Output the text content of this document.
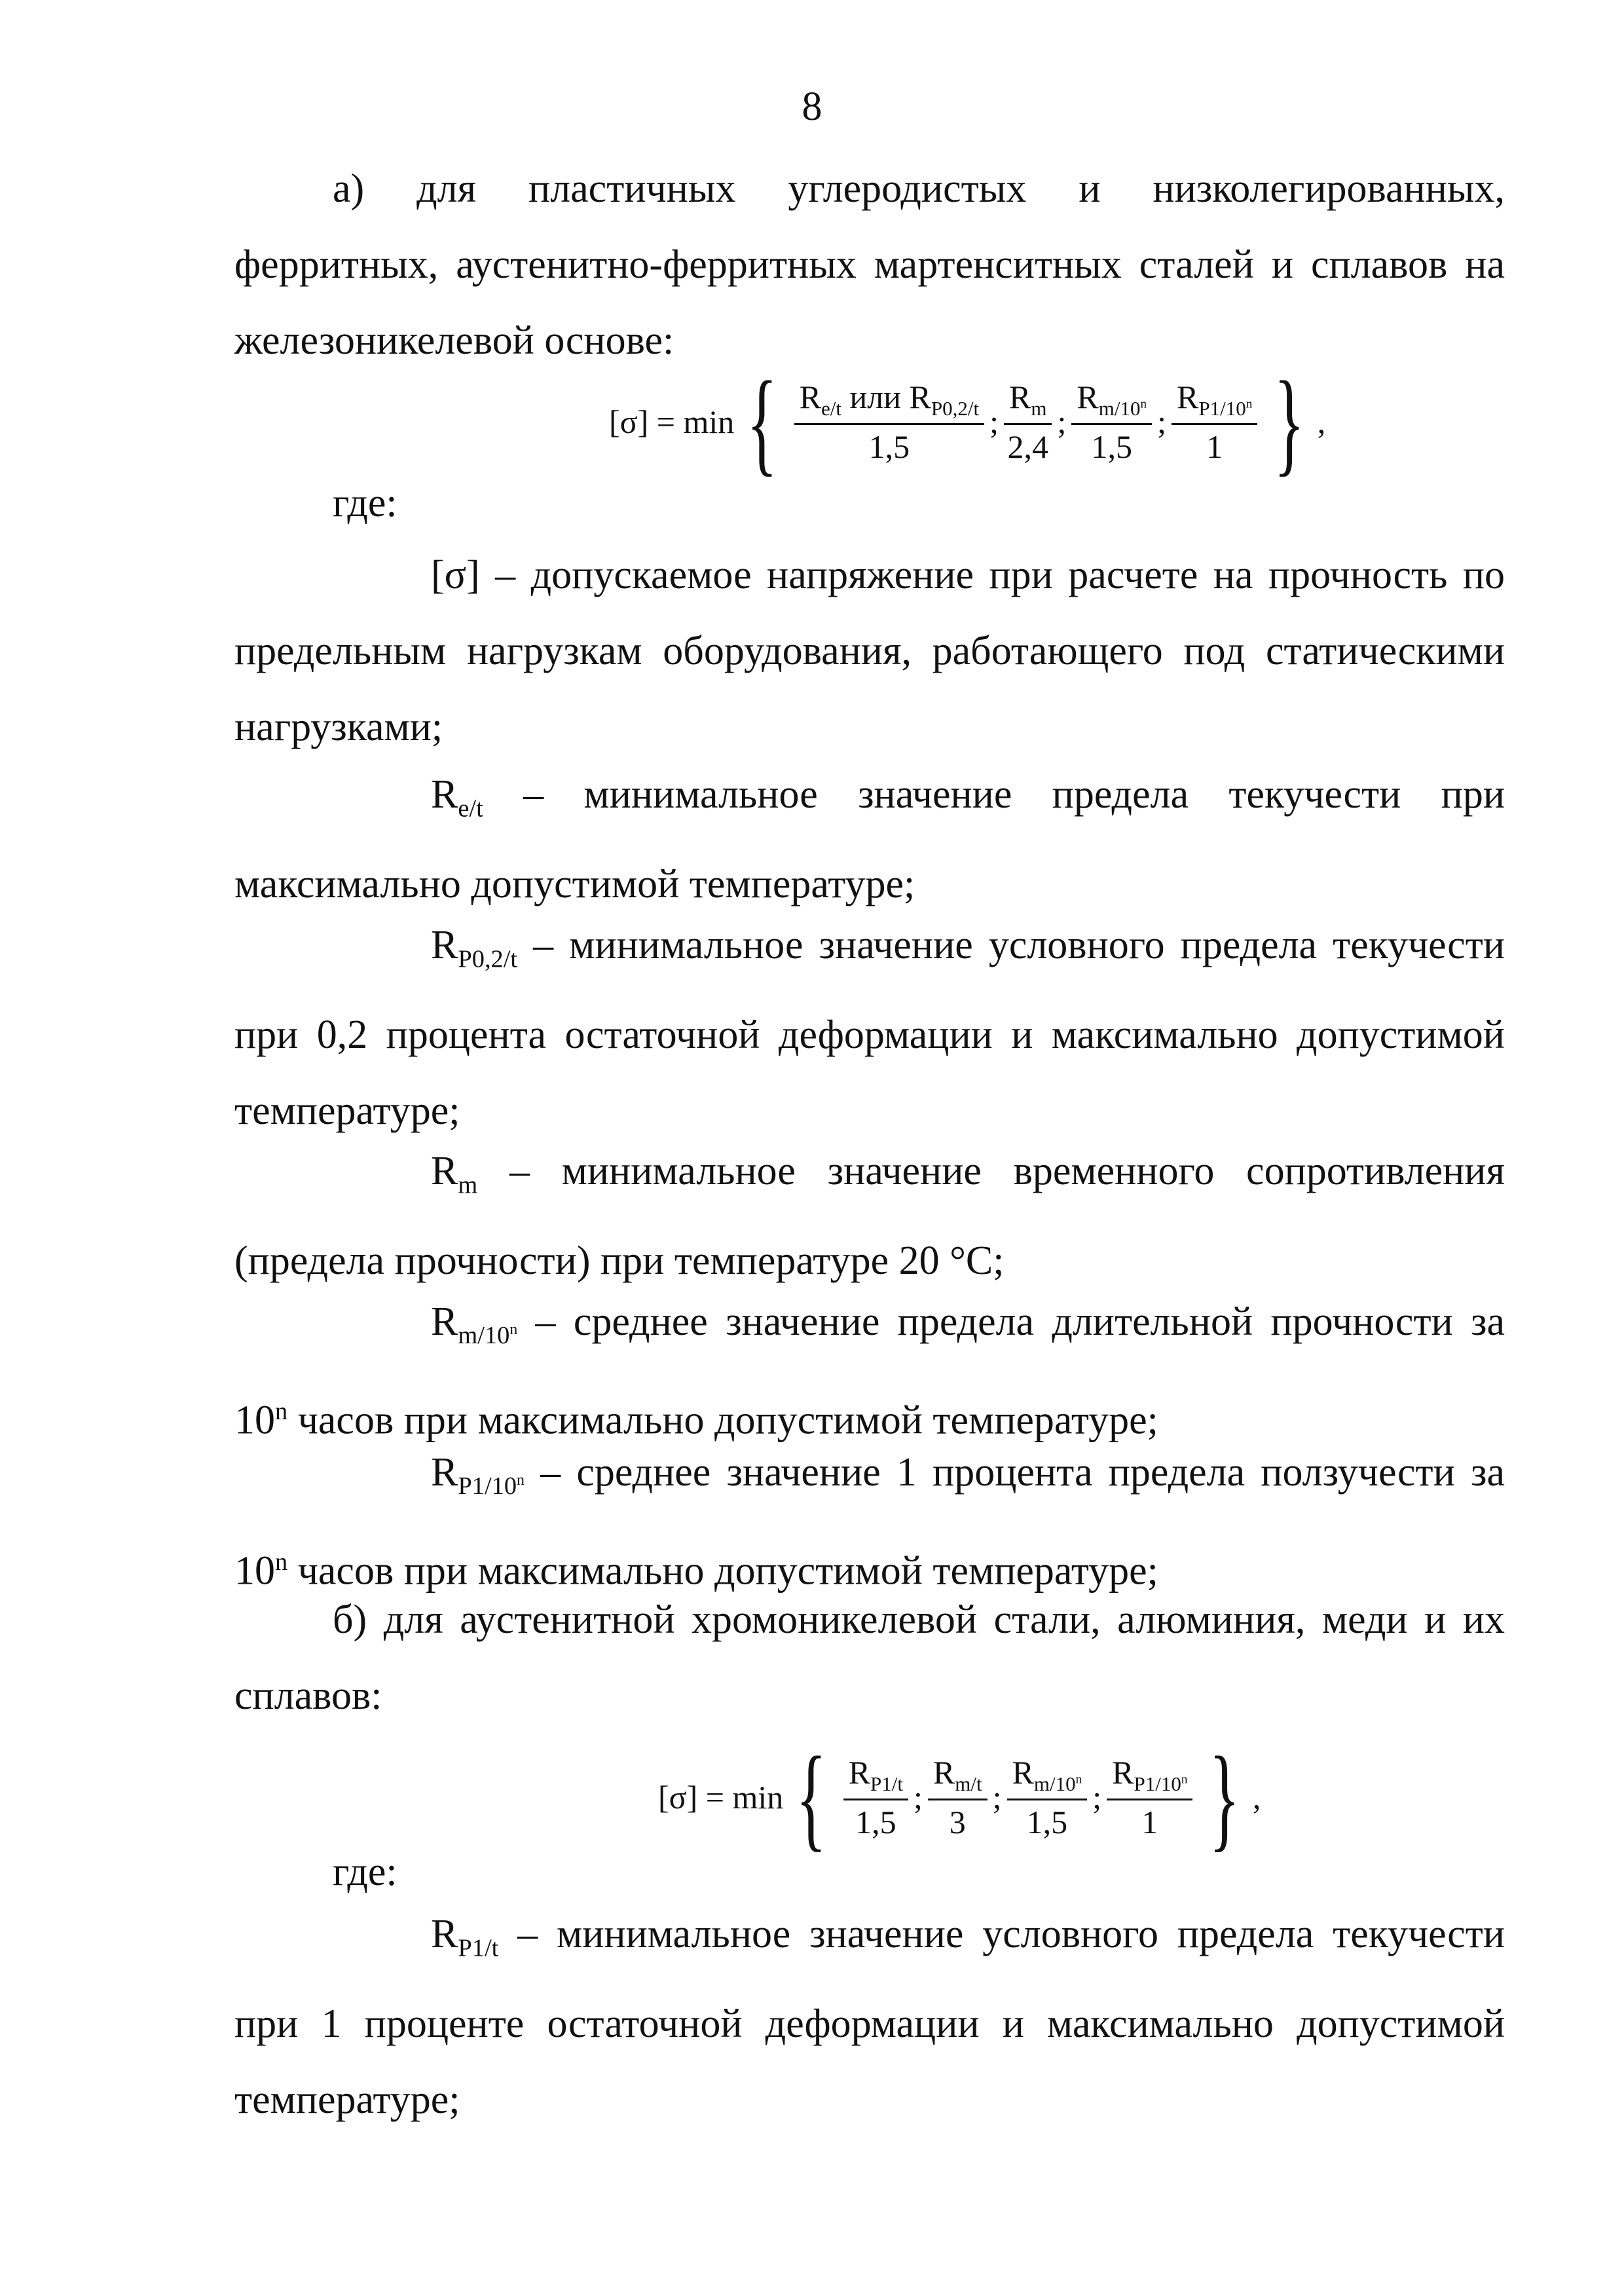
8

а) для пластичных углеродистых и низколегированных, ферритных, аустенитно-ферритных мартенситных сталей и сплавов на железоникелевой основе:

[σ] = min { $\frac{R_{e/t} или R_{P0,2/t}}{1,5}$ ; $\frac{R_m}{2,4}$ ; $\frac{R_{m/10^n}}{1,5}$ ; $\frac{R_{P1/10^n}}{1}$ } ,

где:

[σ] – допускаемое напряжение при расчете на прочность по предельным нагрузкам оборудования, работающего под статическими нагрузками;

$R_{e/t}$ – минимальное значение предела текучести при максимально допустимой температуре;

$R_{P0,2/t}$ – минимальное значение условного предела текучести при 0,2 процента остаточной деформации и максимально допустимой температуре;

$R_m$ – минимальное значение временного сопротивления (предела прочности) при температуре 20 °С;

$R_{m/10^n}$ – среднее значение предела длительной прочности за 10$^n$ часов при максимально допустимой температуре;

$R_{P1/10^n}$ – среднее значение 1 процента предела ползучести за 10$^n$ часов при максимально допустимой температуре;

б) для аустенитной хромоникелевой стали, алюминия, меди и их сплавов:

[σ] = min { $\frac{R_{P1/t}}{1,5}$ ; $\frac{R_{m/t}}{3}$ ; $\frac{R_{m/10^n}}{1,5}$ ; $\frac{R_{P1/10^n}}{1}$ } ,

где:

$R_{P1/t}$ – минимальное значение условного предела текучести при 1 проценте остаточной деформации и максимально допустимой температуре;
